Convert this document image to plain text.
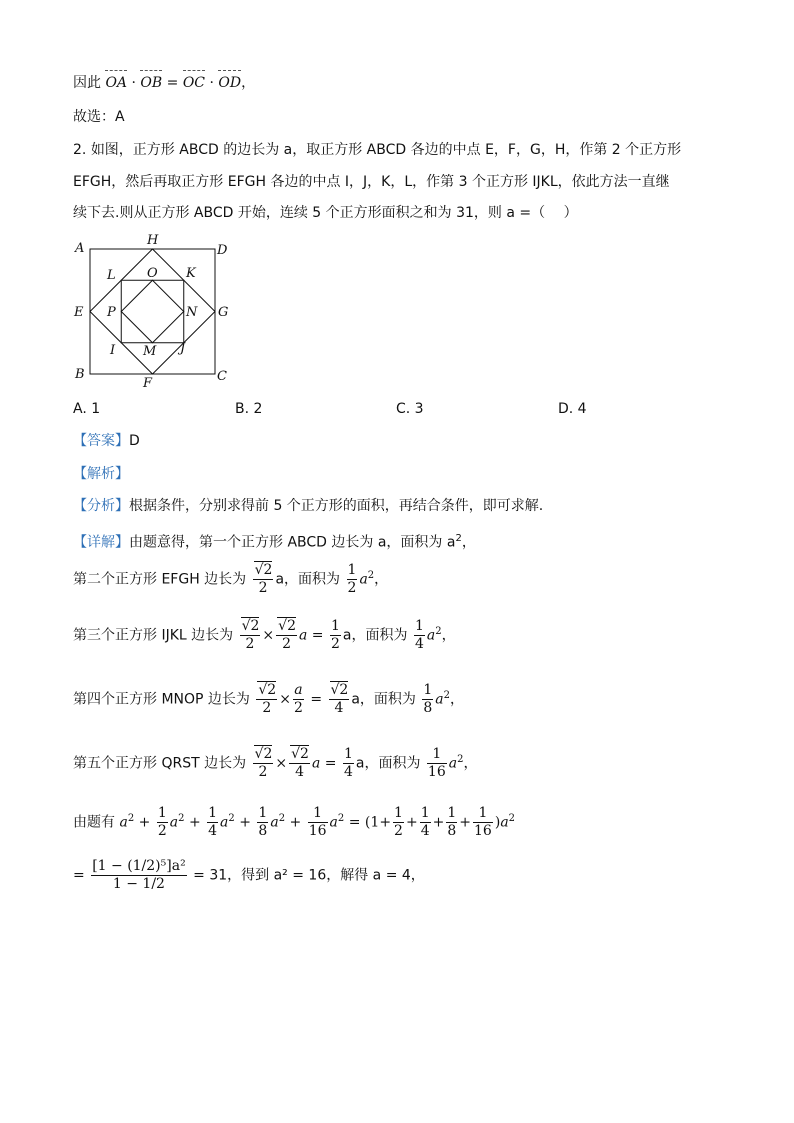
因此 OA · OB = OC · OD，
故选：A
2. 如图，正方形 ABCD 的边长为 a，取正方形 ABCD 各边的中点 E，F，G，H，作第 2 个正方形
EFGH，然后再取正方形 EFGH 各边的中点 I，J，K，L，作第 3 个正方形 IJKL，依此方法一直继
续下去.则从正方形 ABCD 开始，连续 5 个正方形面积之和为 31，则 a =（　 ）
A
H
D
L O K
E P	N G
I M J
B
F	C
A. 1	B. 2	C. 3	D. 4
【答案】D
【解析】
【分析】根据条件，分别求得前 5 个正方形的面积，再结合条件，即可求解.
【详解】由题意得，第一个正方形 ABCD 边长为 a，面积为 $a^2$，
第二个正方形 EFGH 边长为 $\frac{√2}{2}$ a，面积为 $\frac{1}{2} a^2$，
第三个正方形 IJKL 边长为 $\frac{√2}{2} \times \frac{√2}{2}$ $a = \frac{1}{2}$ a，面积为 $\frac{1}{4} a^2$，
第四个正方形 MNOP 边长为 $\frac{√2}{2} \times \frac{a}{2} = \frac{√2}{4}$ a，面积为 $\frac{1}{8} a^2$，
第五个正方形 QRST 边长为 $\frac{√2}{2} \times \frac{√2}{4}$ $a = \frac{1}{4}$ a，面积为 $\frac{1}{16} a^2$，
由题有 $a^2 + \frac{1}{2} a^2 + \frac{1}{4} a^2 + \frac{1}{8} a^2 + \frac{1}{16} a^2 = (1+ \frac{1}{2} + \frac{1}{4} + \frac{1}{8} + \frac{1}{16} )a^2$
= $\frac{\text{[1 − (1/2)⁵]a²}}{1 - 1/2} = 31$，得到 a² = 16，解得 a = 4，
